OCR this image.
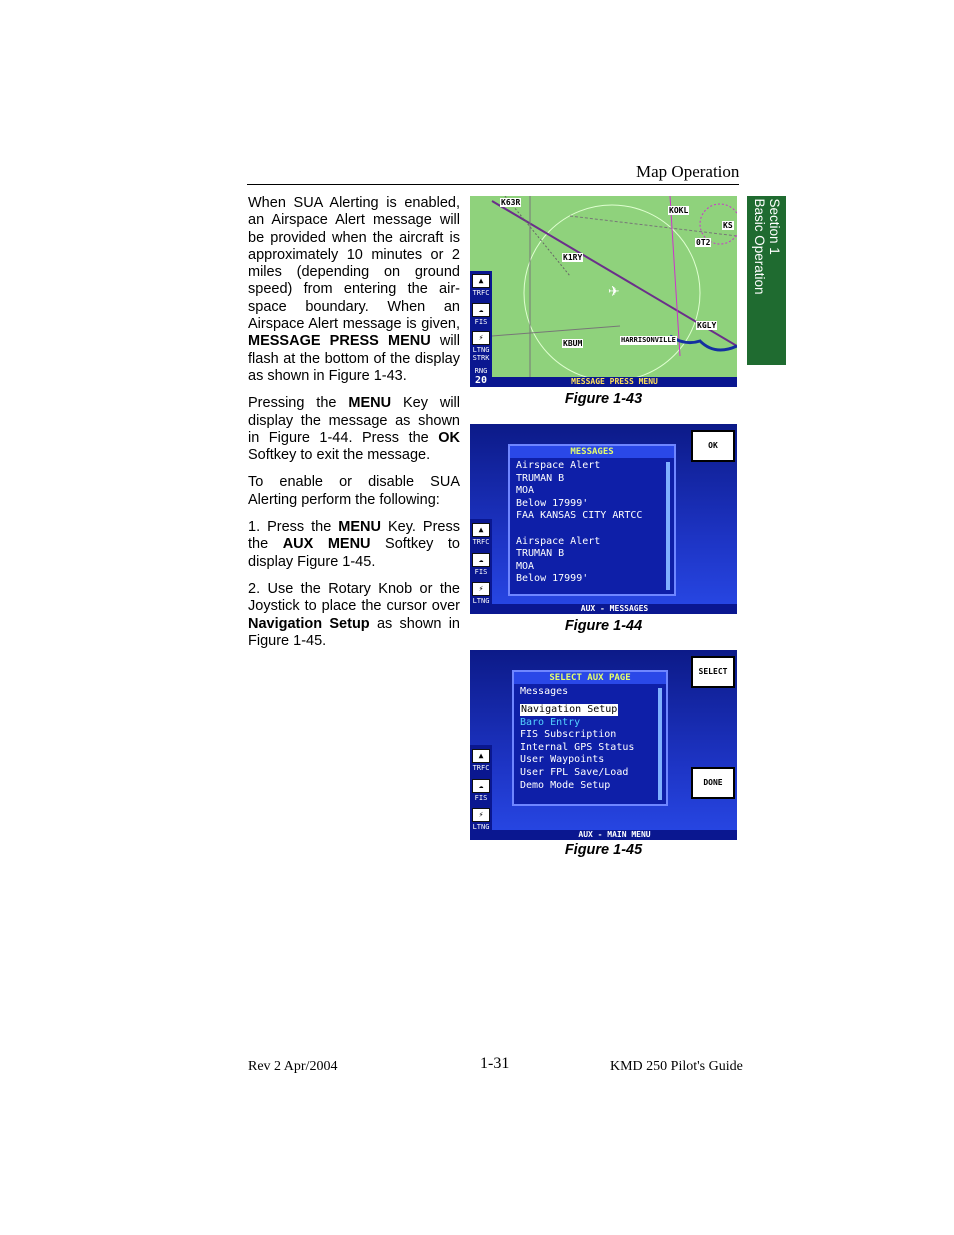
Map Operation
Section 1
Basic Operation

When SUA Alerting is enabled, an Airspace Alert message will be provided when the aircraft is approximately 10 minutes or 2 miles (depending on ground speed) from entering the air-space boundary. When an Airspace Alert message is given, MESSAGE PRESS MENU will flash at the bottom of the display as shown in Figure 1-43.

Pressing the MENU Key will display the message as shown in Figure 1-44. Press the OK Softkey to exit the message.

To enable or disable SUA Alerting perform the following:

1. Press the MENU Key. Press the AUX MENU Softkey to display Figure 1-45.

2. Use the Rotary Knob or the Joystick to place the cursor over Navigation Setup as shown in Figure 1-45.

✈
K63R
KOKL
KS
K1RY
KBUM
KGLY
0T2
HARRISONVILLE
▲
TRFC
☁
FIS
⚡
LTNG STRK
RNG
20	MESSAGE PRESS MENU
Figure 1-43
MESSAGES
Airspace Alert
TRUMAN B
MOA
Below 17999'
FAA KANSAS CITY ARTCC
Airspace Alert
TRUMAN B
MOA
Below 17999'
OK
▲
TRFC
☁
FIS
⚡
LTNG
AUX - MESSAGES
Figure 1-44
SELECT AUX PAGE
Messages
Navigation Setup
Baro Entry
FIS Subscription
Internal GPS Status
User Waypoints
User FPL Save/Load
Demo Mode Setup
SELECT
DONE
▲
TRFC
☁
FIS
⚡
LTNG
AUX - MAIN MENU
Figure 1-45
Rev 2 Apr/2004	1-31	KMD 250 Pilot's Guide
